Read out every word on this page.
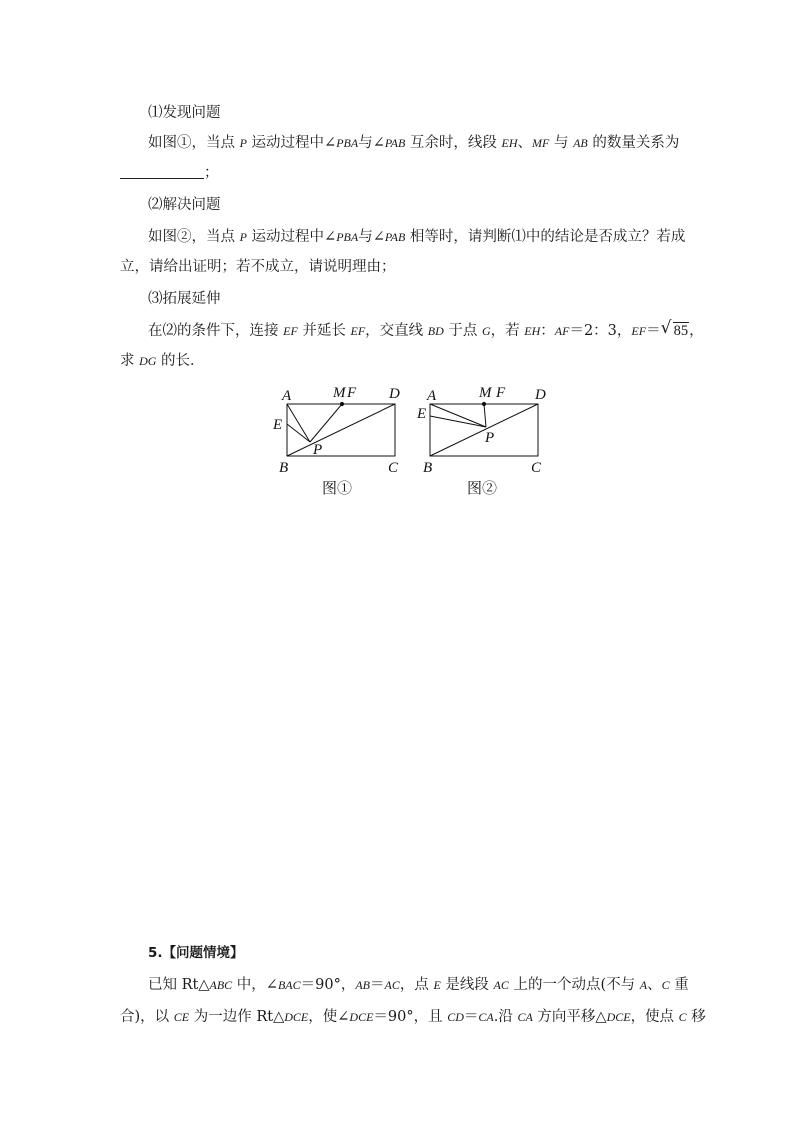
⑴发现问题
如图①，当点 P 运动过程中∠PBA与∠PAB 互余时，线段 EH、MF 与 AB 的数量关系为
；
⑵解决问题
如图②，当点 P 运动过程中∠PBA与∠PAB 相等时，请判断⑴中的结论是否成立？若成
立，请给出证明；若不成立，请说明理由；
⑶拓展延伸
在⑵的条件下，连接 EF 并延长 EF，交直线 BD 于点 G，若 EH：AF＝2：3，EF＝ √ 85，
求 DG 的长．
A	M F D
E
P
B	C
图①
A	M F D
E
P
B	C
图②
5.【问题情境】
已知 Rt△ABC 中，∠BAC＝90°，AB＝AC，点 E 是线段 AC 上的一个动点(不与 A、C 重
合)，以 CE 为一边作 Rt△DCE，使∠DCE＝90°，且 CD＝CA.沿 CA 方向平移△DCE，使点 C 移
